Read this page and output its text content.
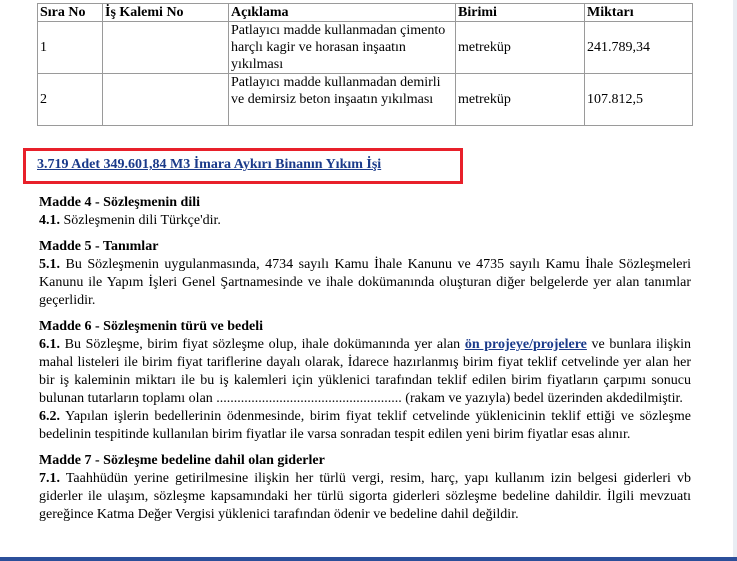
Sıra No	İş Kalemi No	Açıklama	Birimi	Miktarı
1		Patlayıcı madde kullanmadan çimento harçlı kagir ve horasan inşaatın yıkılması	metreküp	241.789,34
2		Patlayıcı madde kullanmadan demirli ve demirsiz beton inşaatın yıkılması	metreküp	107.812,5
3.719 Adet 349.601,84 M3 İmara Aykırı Binanın Yıkım İşi
Madde 4 - Sözleşmenin dili
4.1. Sözleşmenin dili Türkçe'dir.
Madde 5 - Tanımlar
5.1. Bu Sözleşmenin uygulanmasında, 4734 sayılı Kamu İhale Kanunu ve 4735 sayılı Kamu İhale Sözleşmeleri Kanunu ile Yapım İşleri Genel Şartnamesinde ve ihale dokümanında oluşturan diğer belgelerde yer alan tanımlar geçerlidir.
Madde 6 - Sözleşmenin türü ve bedeli
6.1. Bu Sözleşme, birim fiyat sözleşme olup, ihale dokümanında yer alan ön projeye/projelere ve bunlara ilişkin mahal listeleri ile birim fiyat tariflerine dayalı olarak, İdarece hazırlanmış birim fiyat teklif cetvelinde yer alan her bir iş kaleminin miktarı ile bu iş kalemleri için yüklenici tarafından teklif edilen birim fiyatların çarpımı sonucu bulunan tutarların toplamı olan ..................................................... (rakam ve yazıyla) bedel üzerinden akdedilmiştir.
6.2. Yapılan işlerin bedellerinin ödenmesinde, birim fiyat teklif cetvelinde yüklenicinin teklif ettiği ve sözleşme bedelinin tespitinde kullanılan birim fiyatlar ile varsa sonradan tespit edilen yeni birim fiyatlar esas alınır.
Madde 7 - Sözleşme bedeline dahil olan giderler
7.1. Taahhüdün yerine getirilmesine ilişkin her türlü vergi, resim, harç, yapı kullanım izin belgesi giderleri vb giderler ile ulaşım, sözleşme kapsamındaki her türlü sigorta giderleri sözleşme bedeline dahildir. İlgili mevzuatı gereğince Katma Değer Vergisi yüklenici tarafından ödenir ve bedeline dahil değildir.
